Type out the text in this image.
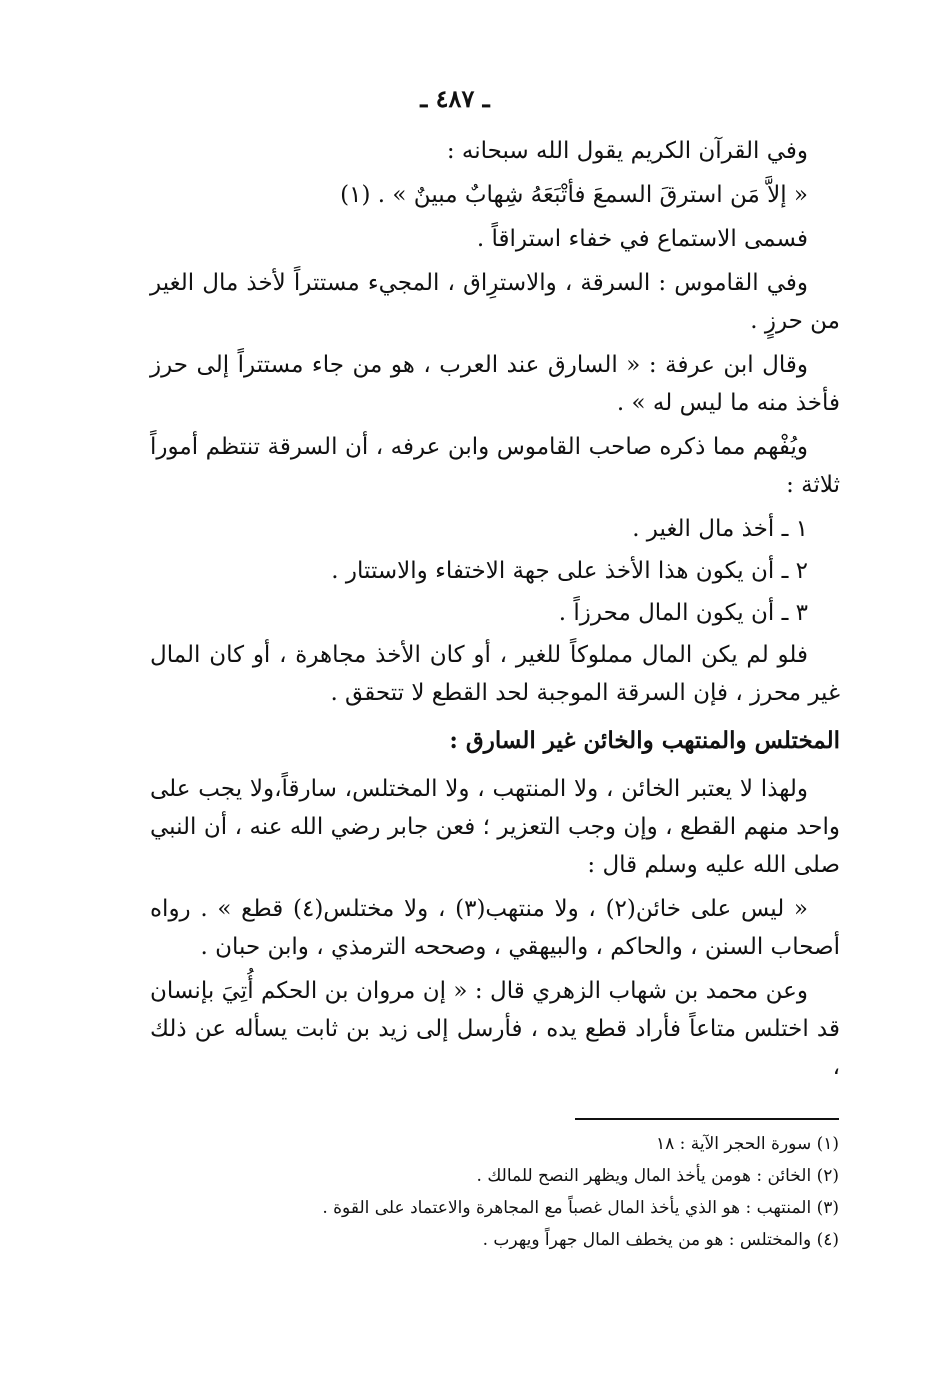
ـ ٤٨٧ ـ

وفي القرآن الكريم يقول الله سبحانه :

« إلاَّ مَن استرقَ السمعَ فأتْبَعَهُ شِهابٌ مبينٌ » . (١)

فسمى الاستماع في خفاء استراقاً .

وفي القاموس : السرقة ، والاسترِاق ، المجيء مستتراً لأخذ مال الغير من حرزٍ .

وقال ابن عرفة : « السارق عند العرب ، هو من جاء مستتراً إلى حرز فأخذ منه ما ليس له » .

ويُفْهم مما ذكره صاحب القاموس وابن عرفه ، أن السرقة تنتظم أموراً ثلاثة :

١ ـ أخذ مال الغير .
٢ ـ أن يكون هذا الأخذ على جهة الاختفاء والاستتار .
٣ ـ أن يكون المال محرزاً .

فلو لم يكن المال مملوكاً للغير ، أو كان الأخذ مجاهرة ، أو كان المال غير محرز ، فإن السرقة الموجبة لحد القطع لا تتحقق .

المختلس والمنتهب والخائن غير السارق :

ولهذا لا يعتبر الخائن ، ولا المنتهب ، ولا المختلس، سارقاً،ولا يجب على واحد منهم القطع ، وإن وجب التعزير ؛ فعن جابر رضي الله عنه ، أن النبي صلى الله عليه وسلم قال :

« ليس على خائن(٢) ، ولا منتهب(٣) ، ولا مختلس(٤) قطع » . رواه أصحاب السنن ، والحاكم ، والبيهقي ، وصححه الترمذي ، وابن حبان .

وعن محمد بن شهاب الزهري قال : « إن مروان بن الحكم أُتِيَ بإنسان قد اختلس متاعاً فأراد قطع يده ، فأرسل إلى زيد بن ثابت يسأله عن ذلك ،

(١) سورة الحجر الآية : ١٨

(٢) الخائن : هومن يأخذ المال ويظهر النصح للمالك .

(٣) المنتهب : هو الذي يأخذ المال غصباً مع المجاهرة والاعتماد على القوة .

(٤) والمختلس : هو من يخطف المال جهراً ويهرب .
